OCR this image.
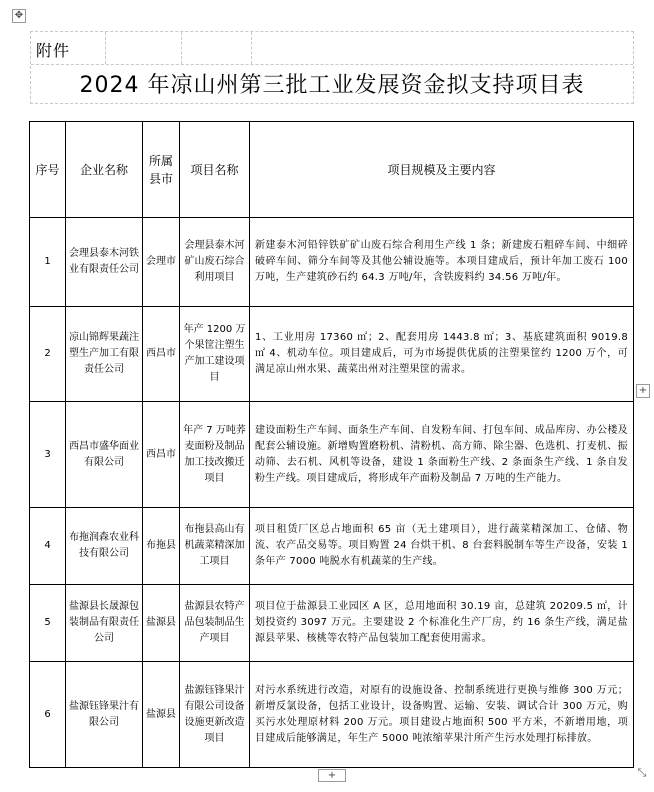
✥
附件
2024 年凉山州第三批工业发展资金拟支持项目表
序号	企业名称	所属县市	项目名称	项目规模及主要内容
1	会理县泰木河铁业有限责任公司	会理市	会理县泰木河矿山废石综合利用项目	新建泰木河铅锌铁矿矿山废石综合利用生产线 1 条；新建废石粗碎车间、中细碎破碎车间、筛分车间等及其他公辅设施等。本项目建成后，预计年加工废石 100 万吨，生产建筑砂石约 64.3 万吨/年，含铁废料约 34.56 万吨/年。
2	凉山锦辉果蔬注塑生产加工有限责任公司	西昌市	年产 1200 万个果筐注塑生产加工建设项目	1、工业用房 17360 ㎡；2、配套用房 1443.8 ㎡；3、基底建筑面积 9019.8 ㎡ 4、机动车位。项目建成后，可为市场提供优质的注塑果筐约 1200 万个，可满足凉山州水果、蔬菜出州对注塑果筐的需求。
3	西昌市盛华面业有限公司	西昌市	年产 7 万吨荞麦面粉及制品加工技改搬迁项目	建设面粉生产车间、面条生产车间、自发粉车间、打包车间、成品库房、办公楼及配套公辅设施。新增购置磨粉机、清粉机、高方筛、除尘器、色选机、打麦机、振动筛、去石机、风机等设备，建设 1 条面粉生产线、2 条面条生产线、1 条自发粉生产线。项目建成后，将形成年产面粉及制品 7 万吨的生产能力。
4	布拖润森农业科技有限公司	布拖县	布拖县高山有机蔬菜精深加工项目	项目租赁厂区总占地面积 65 亩（无土建项目），进行蔬菜精深加工、仓储、物流、农产品交易等。项目购置 24 台烘干机、8 台套料脱制车等生产设备，安装 1 条年产 7000 吨脱水有机蔬菜的生产线。
5	盐源县长晟源包装制品有限责任公司	盐源县	盐源县农特产品包装制品生产项目	项目位于盐源县工业园区 A 区，总用地面积 30.19 亩，总建筑 20209.5 ㎡，计划投资约 3097 万元。主要建设 2 个标准化生产厂房，约 16 条生产线，满足盐源县苹果、核桃等农特产品包装加工配套使用需求。
6	盐源钰锋果汁有限公司	盐源县	盐源钰锋果汁有限公司设备设施更新改造项目	对污水系统进行改造，对原有的设施设备、控制系统进行更换与维修 300 万元；新增反氯设备，包括工业设计，设备购置、运输、安装、调试合计 300 万元，购买污水处理原材料 200 万元。项目建设占地面积 500 平方米，不新增用地，项目建成后能够满足，年生产 5000 吨浓缩苹果汁所产生污水处理打标排放。
+
+	⤡
